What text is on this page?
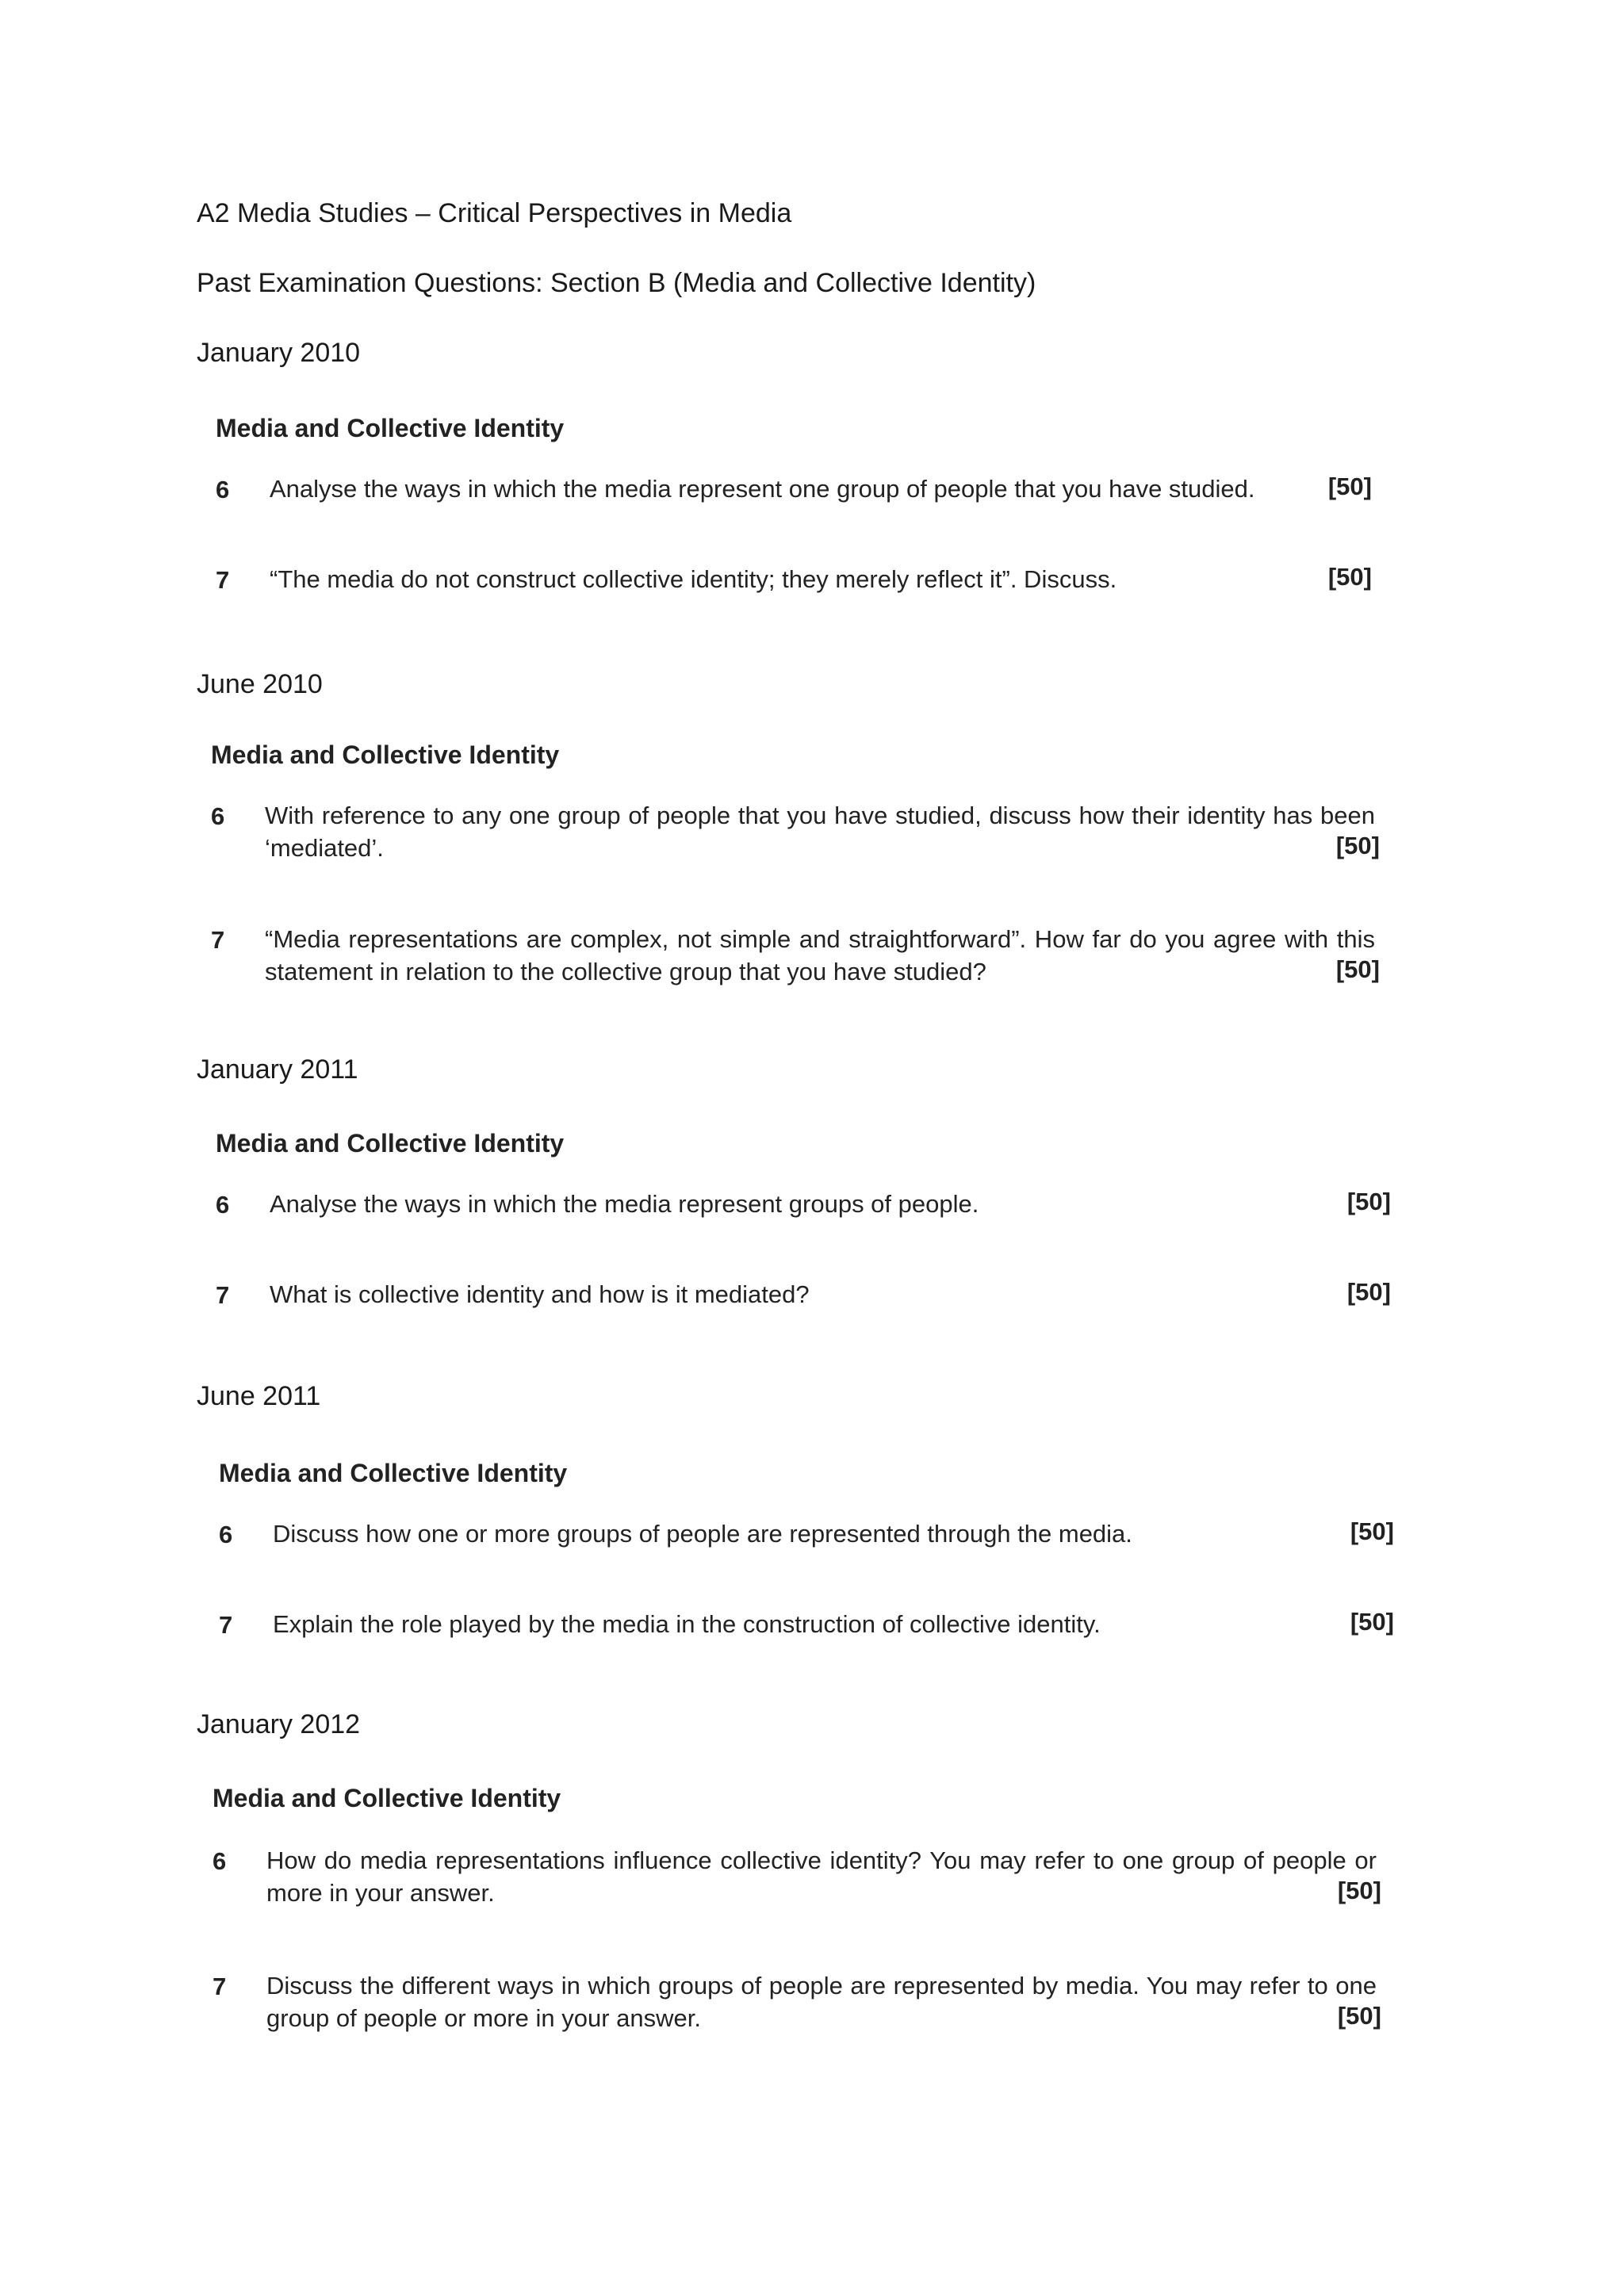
A2 Media Studies – Critical Perspectives in Media
Past Examination Questions: Section B (Media and Collective Identity)
January 2010
Media and Collective Identity
6 Analyse the ways in which the media represent one group of people that you have studied.	[50]
7 “The media do not construct collective identity; they merely reflect it”. Discuss.	[50]
June 2010
Media and Collective Identity
6 With reference to any one group of people that you have studied, discuss how their identity has been ‘mediated’.	[50]
7 “Media representations are complex, not simple and straightforward”. How far do you agree with this statement in relation to the collective group that you have studied?	[50]
January 2011
Media and Collective Identity
6 Analyse the ways in which the media represent groups of people.	[50]
7 What is collective identity and how is it mediated?	[50]
June 2011
Media and Collective Identity
6 Discuss how one or more groups of people are represented through the media.	[50]
7 Explain the role played by the media in the construction of collective identity.	[50]
January 2012
Media and Collective Identity
6 How do media representations influence collective identity? You may refer to one group of people or more in your answer.	[50]
7 Discuss the different ways in which groups of people are represented by media. You may refer to one group of people or more in your answer.	[50]
